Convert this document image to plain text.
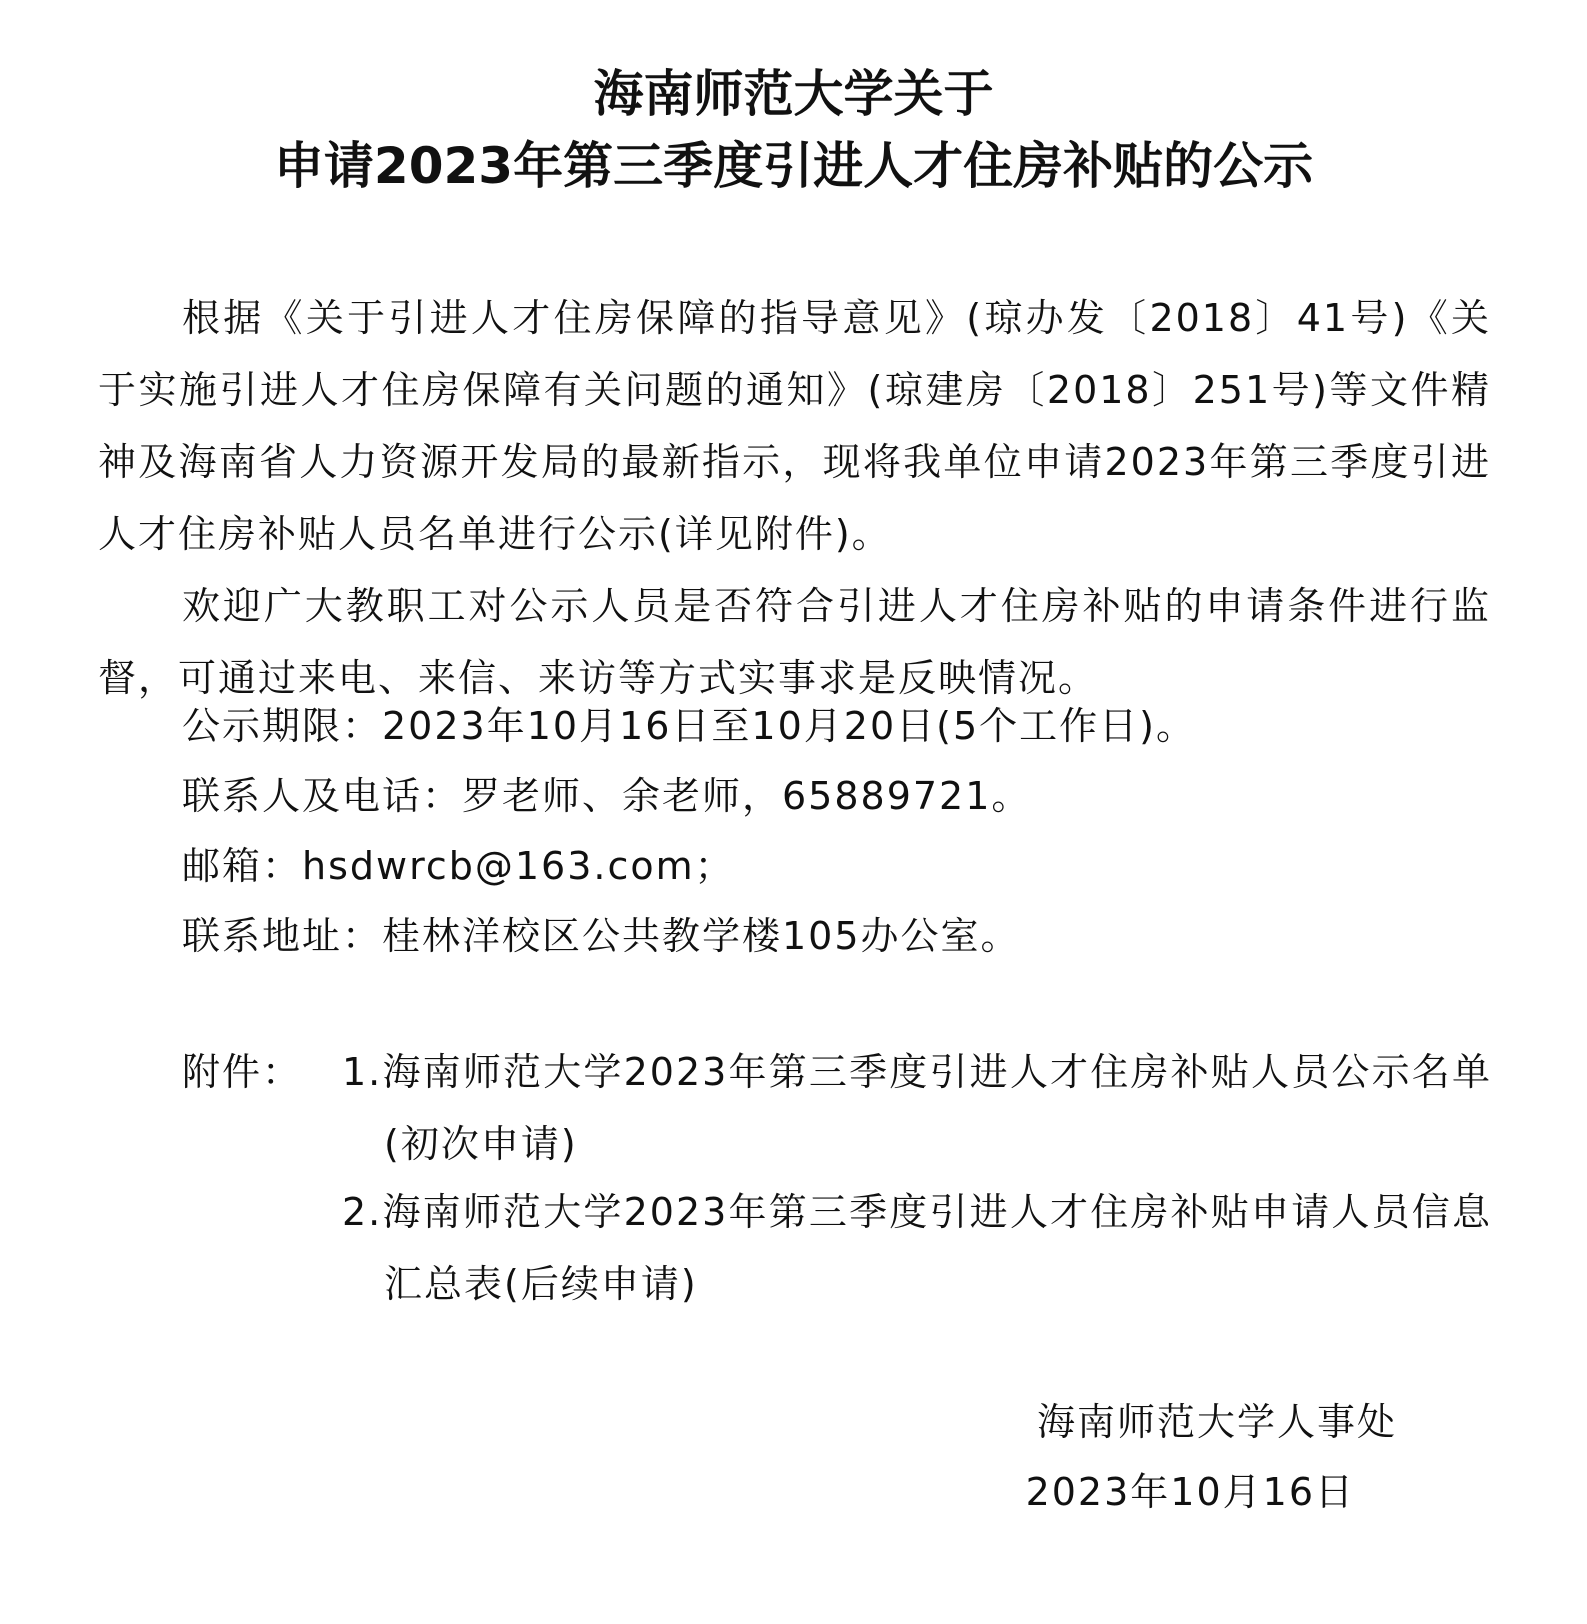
海南师范大学关于
申请2023年第三季度引进人才住房补贴的公示

根据《关于引进人才住房保障的指导意见》(琼办发〔2018〕41号)《关于实施引进人才住房保障有关问题的通知》(琼建房〔2018〕251号)等文件精神及海南省人力资源开发局的最新指示，现将我单位申请2023年第三季度引进人才住房补贴人员名单进行公示(详见附件)。

欢迎广大教职工对公示人员是否符合引进人才住房补贴的申请条件进行监督，可通过来电、来信、来访等方式实事求是反映情况。

公示期限：2023年10月16日至10月20日(5个工作日)。

联系人及电话：罗老师、余老师，65889721。

邮箱：hsdwrcb@163.com；

联系地址：桂林洋校区公共教学楼105办公室。

附件： 1.海南师范大学2023年第三季度引进人才住房补贴人员公示名单(初次申请)
2.海南师范大学2023年第三季度引进人才住房补贴申请人员信息汇总表(后续申请)

海南师范大学人事处

2023年10月16日
